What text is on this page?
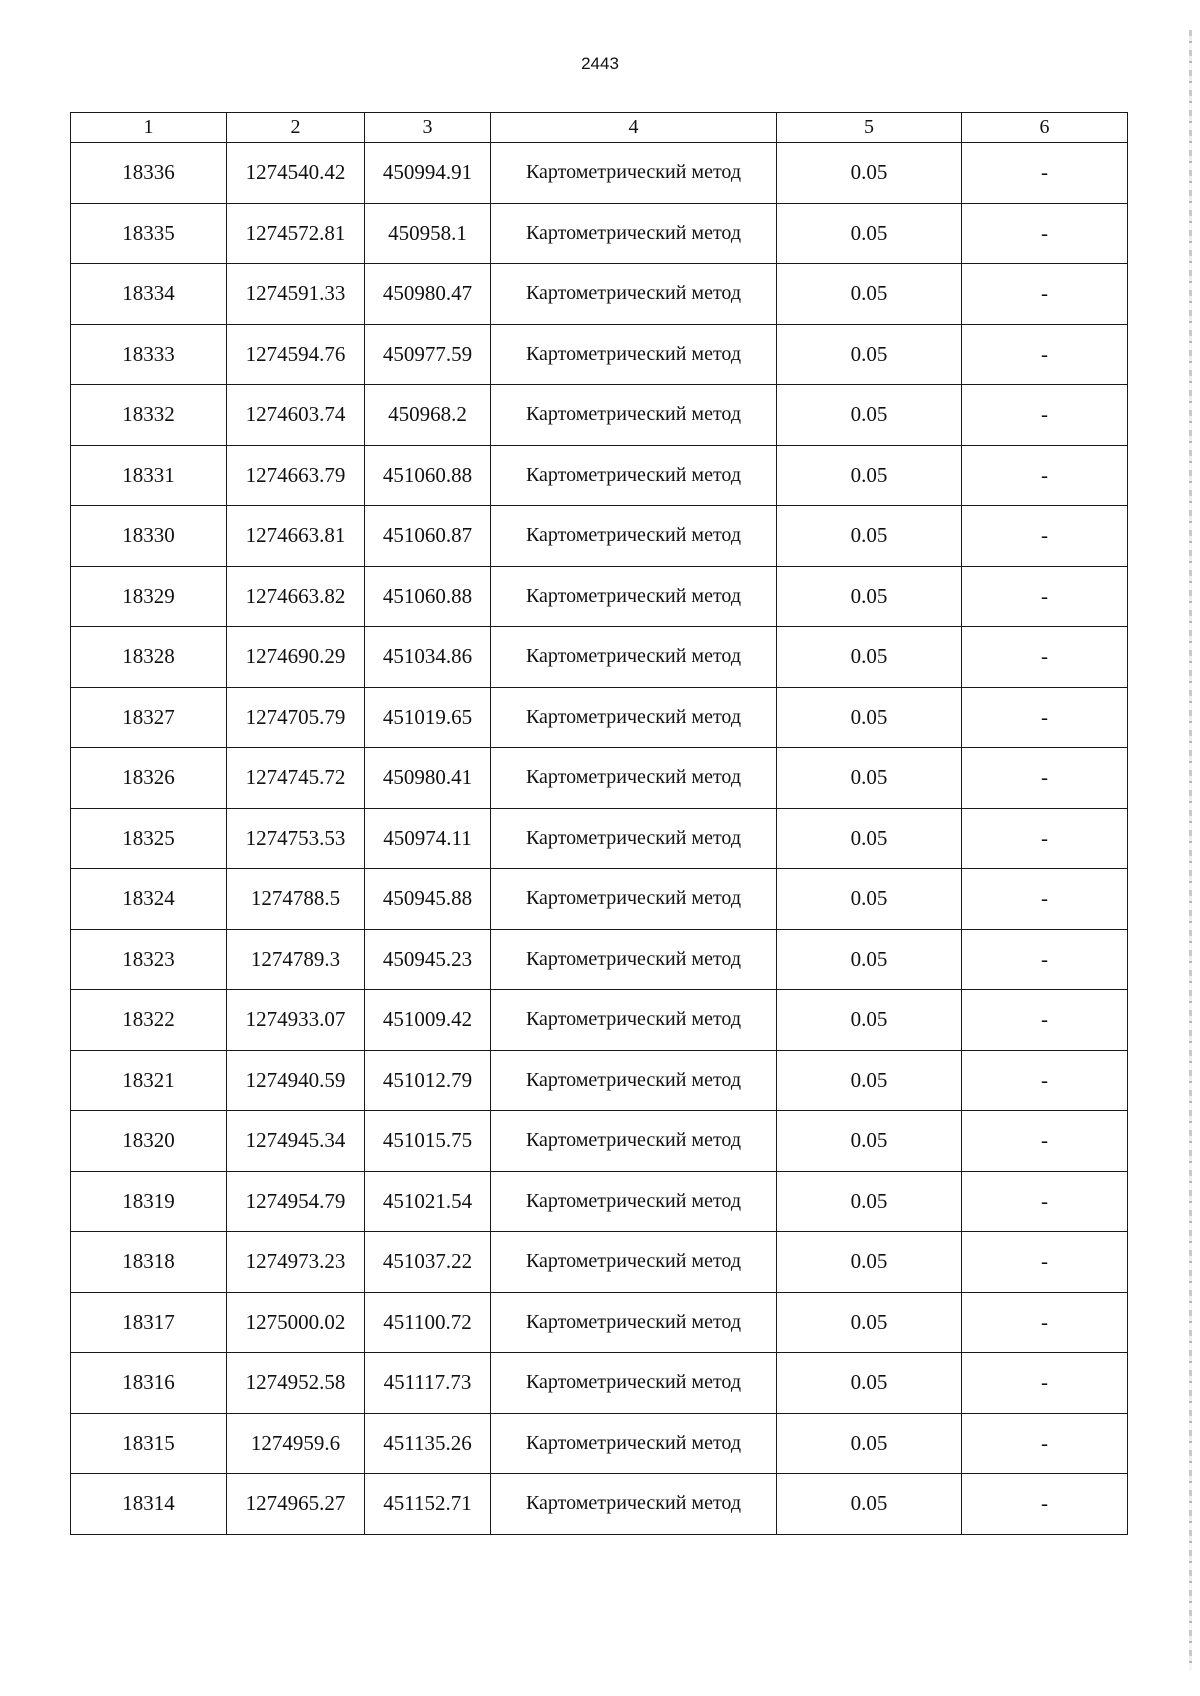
2443
1	2	3	4	5	6
18336	1274540.42	450994.91	Картометрический метод	0.05	-
18335	1274572.81	450958.1	Картометрический метод	0.05	-
18334	1274591.33	450980.47	Картометрический метод	0.05	-
18333	1274594.76	450977.59	Картометрический метод	0.05	-
18332	1274603.74	450968.2	Картометрический метод	0.05	-
18331	1274663.79	451060.88	Картометрический метод	0.05	-
18330	1274663.81	451060.87	Картометрический метод	0.05	-
18329	1274663.82	451060.88	Картометрический метод	0.05	-
18328	1274690.29	451034.86	Картометрический метод	0.05	-
18327	1274705.79	451019.65	Картометрический метод	0.05	-
18326	1274745.72	450980.41	Картометрический метод	0.05	-
18325	1274753.53	450974.11	Картометрический метод	0.05	-
18324	1274788.5	450945.88	Картометрический метод	0.05	-
18323	1274789.3	450945.23	Картометрический метод	0.05	-
18322	1274933.07	451009.42	Картометрический метод	0.05	-
18321	1274940.59	451012.79	Картометрический метод	0.05	-
18320	1274945.34	451015.75	Картометрический метод	0.05	-
18319	1274954.79	451021.54	Картометрический метод	0.05	-
18318	1274973.23	451037.22	Картометрический метод	0.05	-
18317	1275000.02	451100.72	Картометрический метод	0.05	-
18316	1274952.58	451117.73	Картометрический метод	0.05	-
18315	1274959.6	451135.26	Картометрический метод	0.05	-
18314	1274965.27	451152.71	Картометрический метод	0.05	-
